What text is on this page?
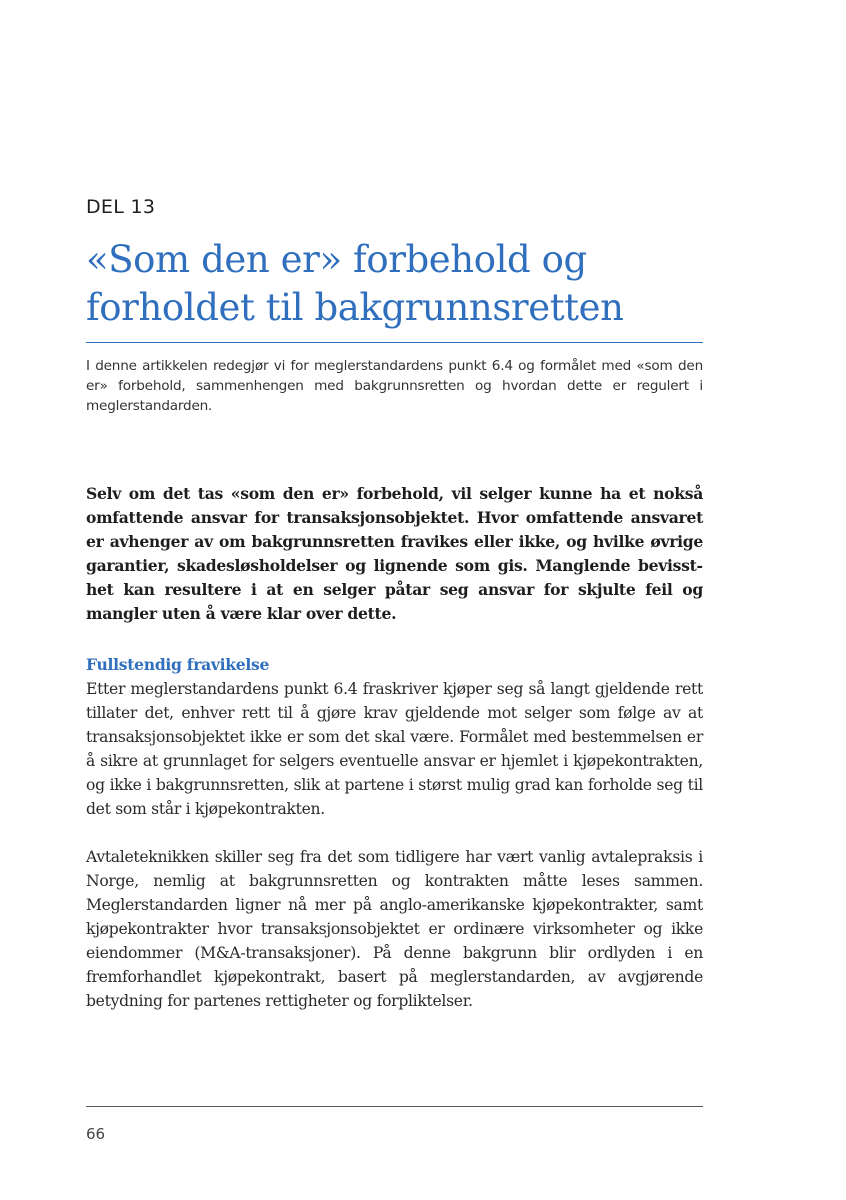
DEL 13
«Som den er» forbehold og forholdet til bakgrunnsretten

I denne artikkelen redegjør vi for meglerstandardens punkt 6.4 og formålet med «som den er» forbehold, sammenhengen med bakgrunnsretten og hvordan dette er regulert i meglerstandarden.

Selv om det tas «som den er» forbehold, vil selger kunne ha et nokså omfattende ansvar for transaksjonsobjektet. Hvor omfattende ansvaret er avhenger av om bakgrunnsretten fravikes eller ikke, og hvilke øvrige garantier, skadesløsholdelser og lignende som gis. Manglende bevissthet kan resultere i at en selger påtar seg ansvar for skjulte feil og mangler uten å være klar over dette.

Fullstendig fravikelse

Etter meglerstandardens punkt 6.4 fraskriver kjøper seg så langt gjeldende rett tillater det, enhver rett til å gjøre krav gjeldende mot selger som følge av at transaksjonsobjektet ikke er som det skal være. Formålet med bestemmelsen er å sikre at grunnlaget for selgers eventuelle ansvar er hjemlet i kjøpekontrakten, og ikke i bakgrunnsretten, slik at partene i størst mulig grad kan forholde seg til det som står i kjøpekontrakten.

Avtaleteknikken skiller seg fra det som tidligere har vært vanlig avtalepraksis i Norge, nemlig at bakgrunnsretten og kontrakten måtte leses sammen. Meglerstandarden ligner nå mer på anglo-amerikanske kjøpekontrakter, samt kjøpekontrakter hvor transaksjonsobjektet er ordinære virksomheter og ikke eiendommer (M&A-transaksjoner). På denne bakgrunn blir ordlyden i en fremforhandlet kjøpekontrakt, basert på meglerstandarden, av avgjørende betydning for partenes rettigheter og forpliktelser.

66
